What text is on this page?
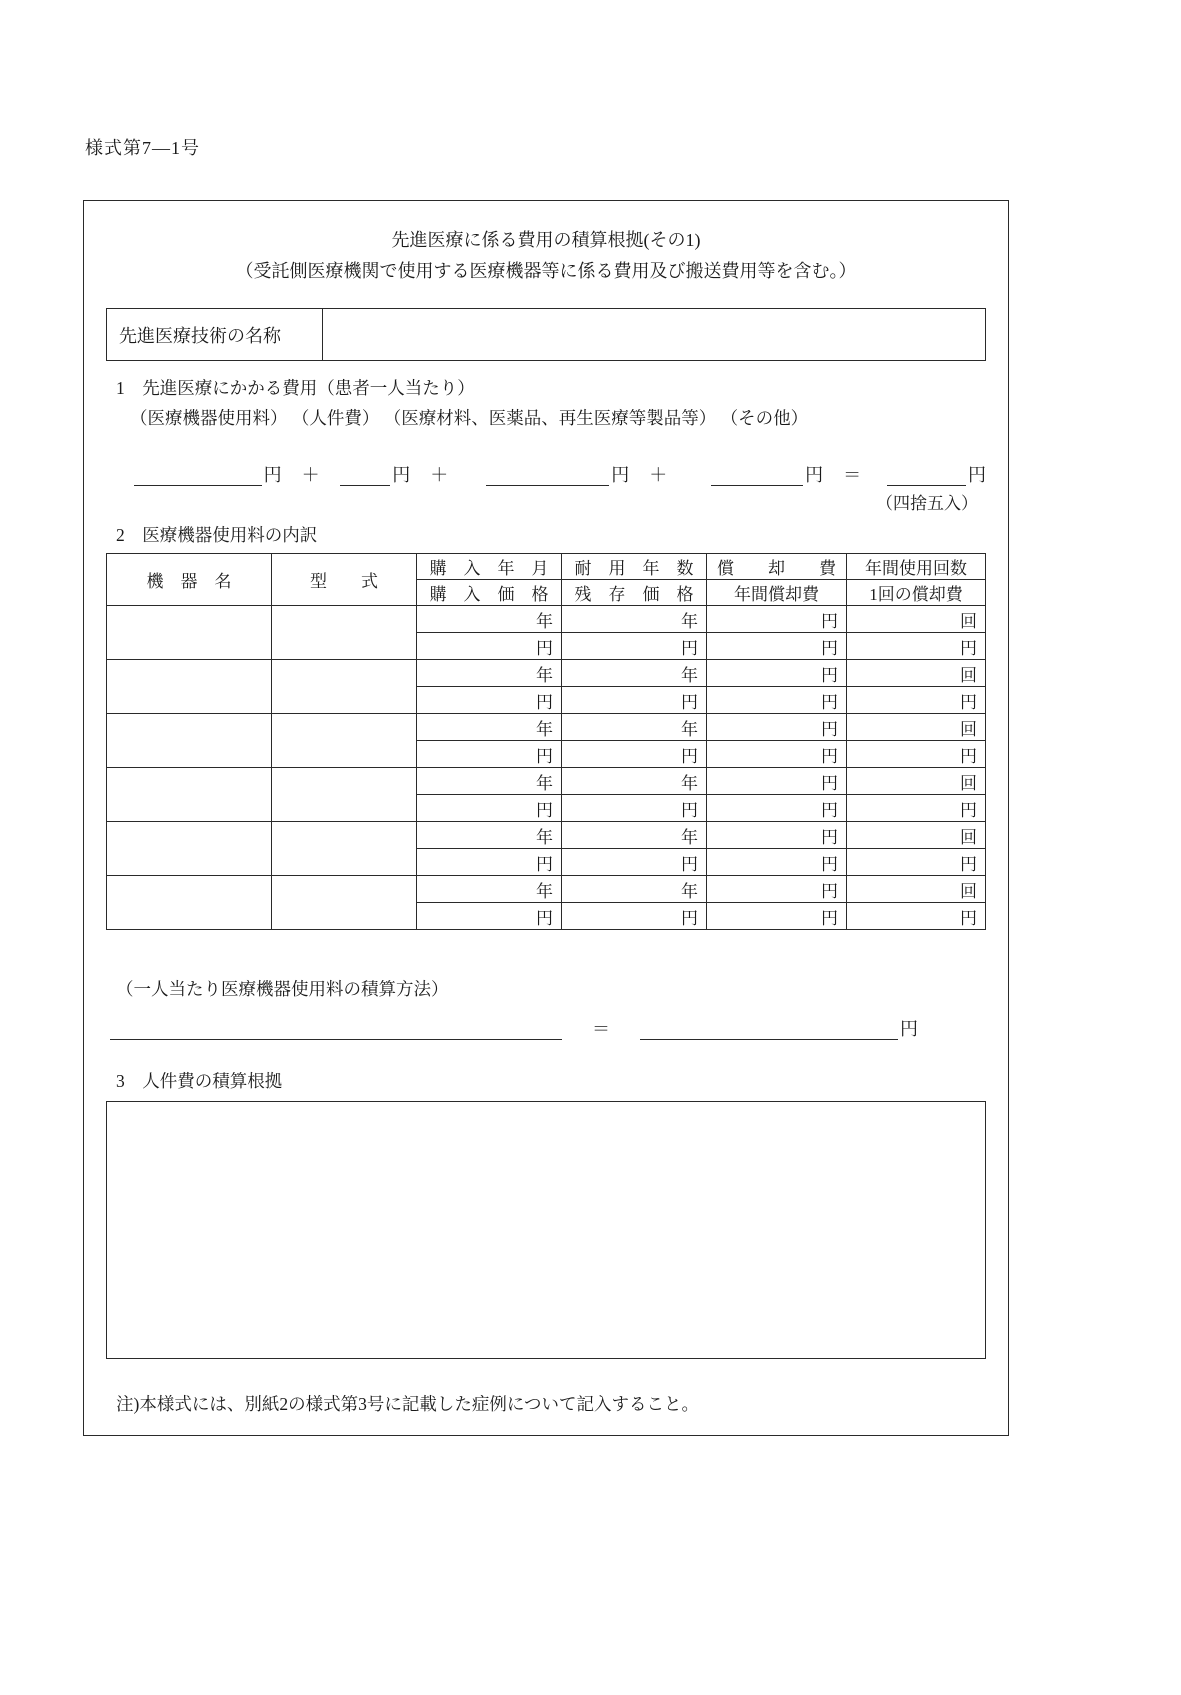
様式第7―1号
先進医療に係る費用の積算根拠(その1)
（受託側医療機関で使用する医療機器等に係る費用及び搬送費用等を含む。）
先進医療技術の名称	
1　先進医療にかかる費用（患者一人当たり）
（医療機器使用料） （人件費） （医療材料、医薬品、再生医療等製品等） （その他）
円 ＋	円 ＋	円 ＋	円 ＝	円
（四捨五入）
2　医療機器使用料の内訳
機　器　名	型　　式	購　入　年　月	耐　用　年　数	償　　却　　費	年間使用回数
		購　入　価　格	残　存　価　格	年間償却費	1回の償却費
		年	年	円	回
		円	円	円	円
		年	年	円	回
		円	円	円	円
		年	年	円	回
		円	円	円	円
		年	年	円	回
		円	円	円	円
		年	年	円	回
		円	円	円	円
		年	年	円	回
		円	円	円	円
（一人当たり医療機器使用料の積算方法）
＝	円
3　人件費の積算根拠
注)本様式には、別紙2の様式第3号に記載した症例について記入すること。
